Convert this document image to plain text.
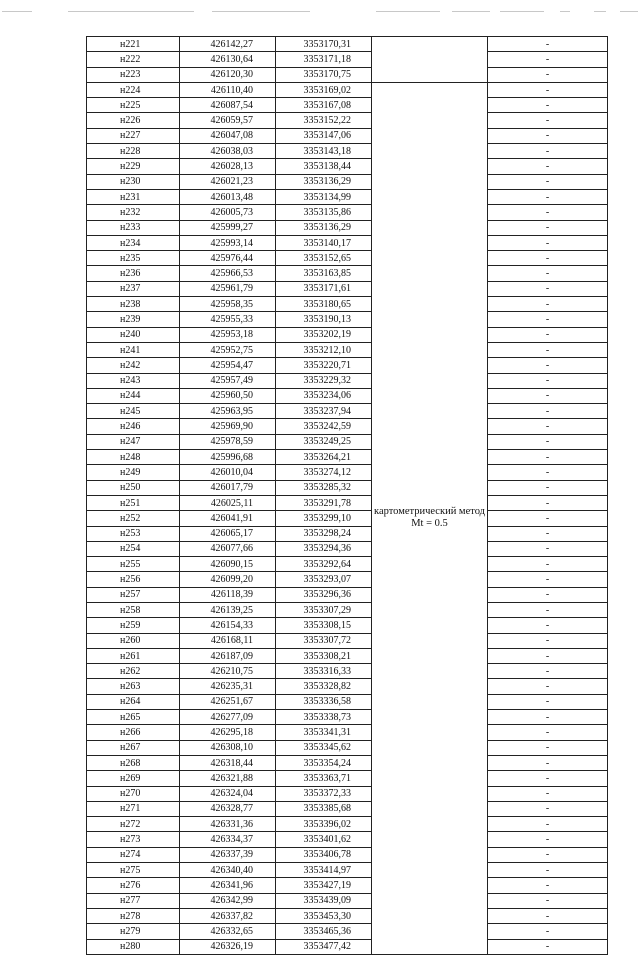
н221	426142,27	3353170,31		-
н222	426130,64	3353171,18		-
н223	426120,30	3353170,75		-
н224	426110,40	3353169,02	картометрический метод Mt = 0.5	-
н225	426087,54	3353167,08		-
н226	426059,57	3353152,22		-
н227	426047,08	3353147,06		-
н228	426038,03	3353143,18		-
н229	426028,13	3353138,44		-
н230	426021,23	3353136,29		-
н231	426013,48	3353134,99		-
н232	426005,73	3353135,86		-
н233	425999,27	3353136,29		-
н234	425993,14	3353140,17		-
н235	425976,44	3353152,65		-
н236	425966,53	3353163,85		-
н237	425961,79	3353171,61		-
н238	425958,35	3353180,65		-
н239	425955,33	3353190,13		-
н240	425953,18	3353202,19		-
н241	425952,75	3353212,10		-
н242	425954,47	3353220,71		-
н243	425957,49	3353229,32		-
н244	425960,50	3353234,06		-
н245	425963,95	3353237,94		-
н246	425969,90	3353242,59		-
н247	425978,59	3353249,25		-
н248	425996,68	3353264,21		-
н249	426010,04	3353274,12		-
н250	426017,79	3353285,32		-
н251	426025,11	3353291,78		-
н252	426041,91	3353299,10		-
н253	426065,17	3353298,24		-
н254	426077,66	3353294,36		-
н255	426090,15	3353292,64		-
н256	426099,20	3353293,07		-
н257	426118,39	3353296,36		-
н258	426139,25	3353307,29		-
н259	426154,33	3353308,15		-
н260	426168,11	3353307,72		-
н261	426187,09	3353308,21		-
н262	426210,75	3353316,33		-
н263	426235,31	3353328,82		-
н264	426251,67	3353336,58		-
н265	426277,09	3353338,73		-
н266	426295,18	3353341,31		-
н267	426308,10	3353345,62		-
н268	426318,44	3353354,24		-
н269	426321,88	3353363,71		-
н270	426324,04	3353372,33		-
н271	426328,77	3353385,68		-
н272	426331,36	3353396,02		-
н273	426334,37	3353401,62		-
н274	426337,39	3353406,78		-
н275	426340,40	3353414,97		-
н276	426341,96	3353427,19		-
н277	426342,99	3353439,09		-
н278	426337,82	3353453,30		-
н279	426332,65	3353465,36		-
н280	426326,19	3353477,42		-
